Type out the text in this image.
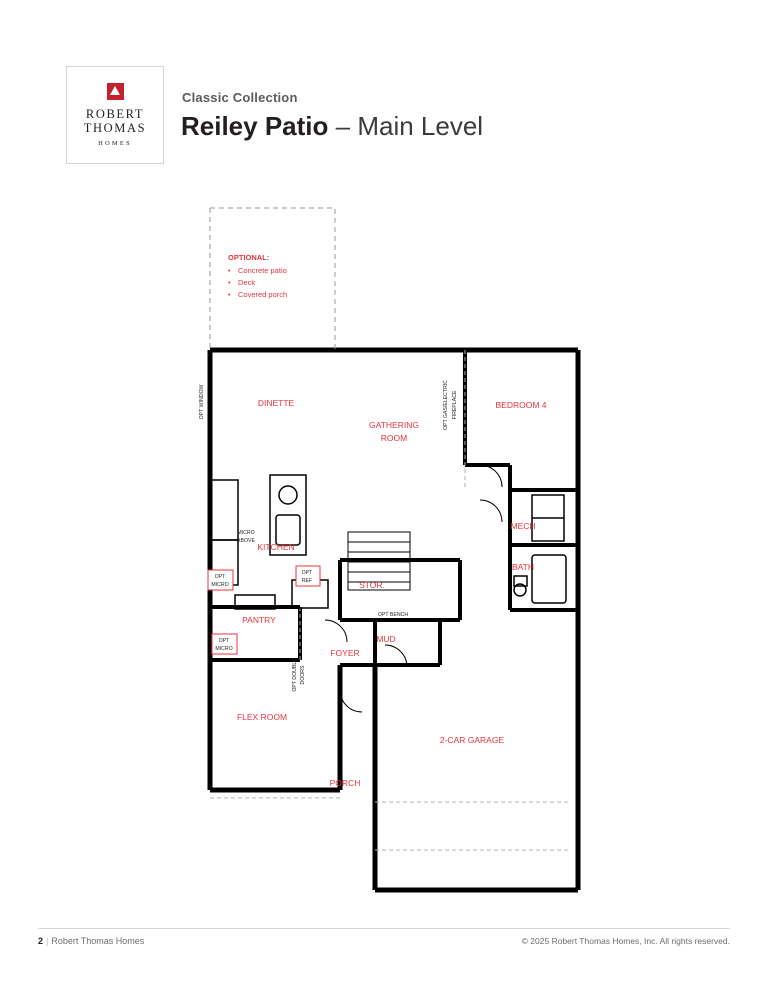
ROBERT
THOMAS
HOMES
Classic Collection
Reiley Patio – Main Level
OPTIONAL:
• Concrete patio
• Deck
• Covered porch
DINETTE
GATHERING
ROOM
BEDROOM 4
KITCHEN
MECH
BATH
STOR.
PANTRY
MUD
FOYER
FLEX ROOM
2-CAR GARAGE
PORCH
OPT WINDOW	OPT GAS/ELECTRIC FIREPLACE
MICRO
ABOVE
OPT
MICRO
OPT
REF
OPT
MICRO
OPT BENCH
OPT DOUBLE DOORS
2 | Robert Thomas Homes	© 2025 Robert Thomas Homes, Inc. All rights reserved.
